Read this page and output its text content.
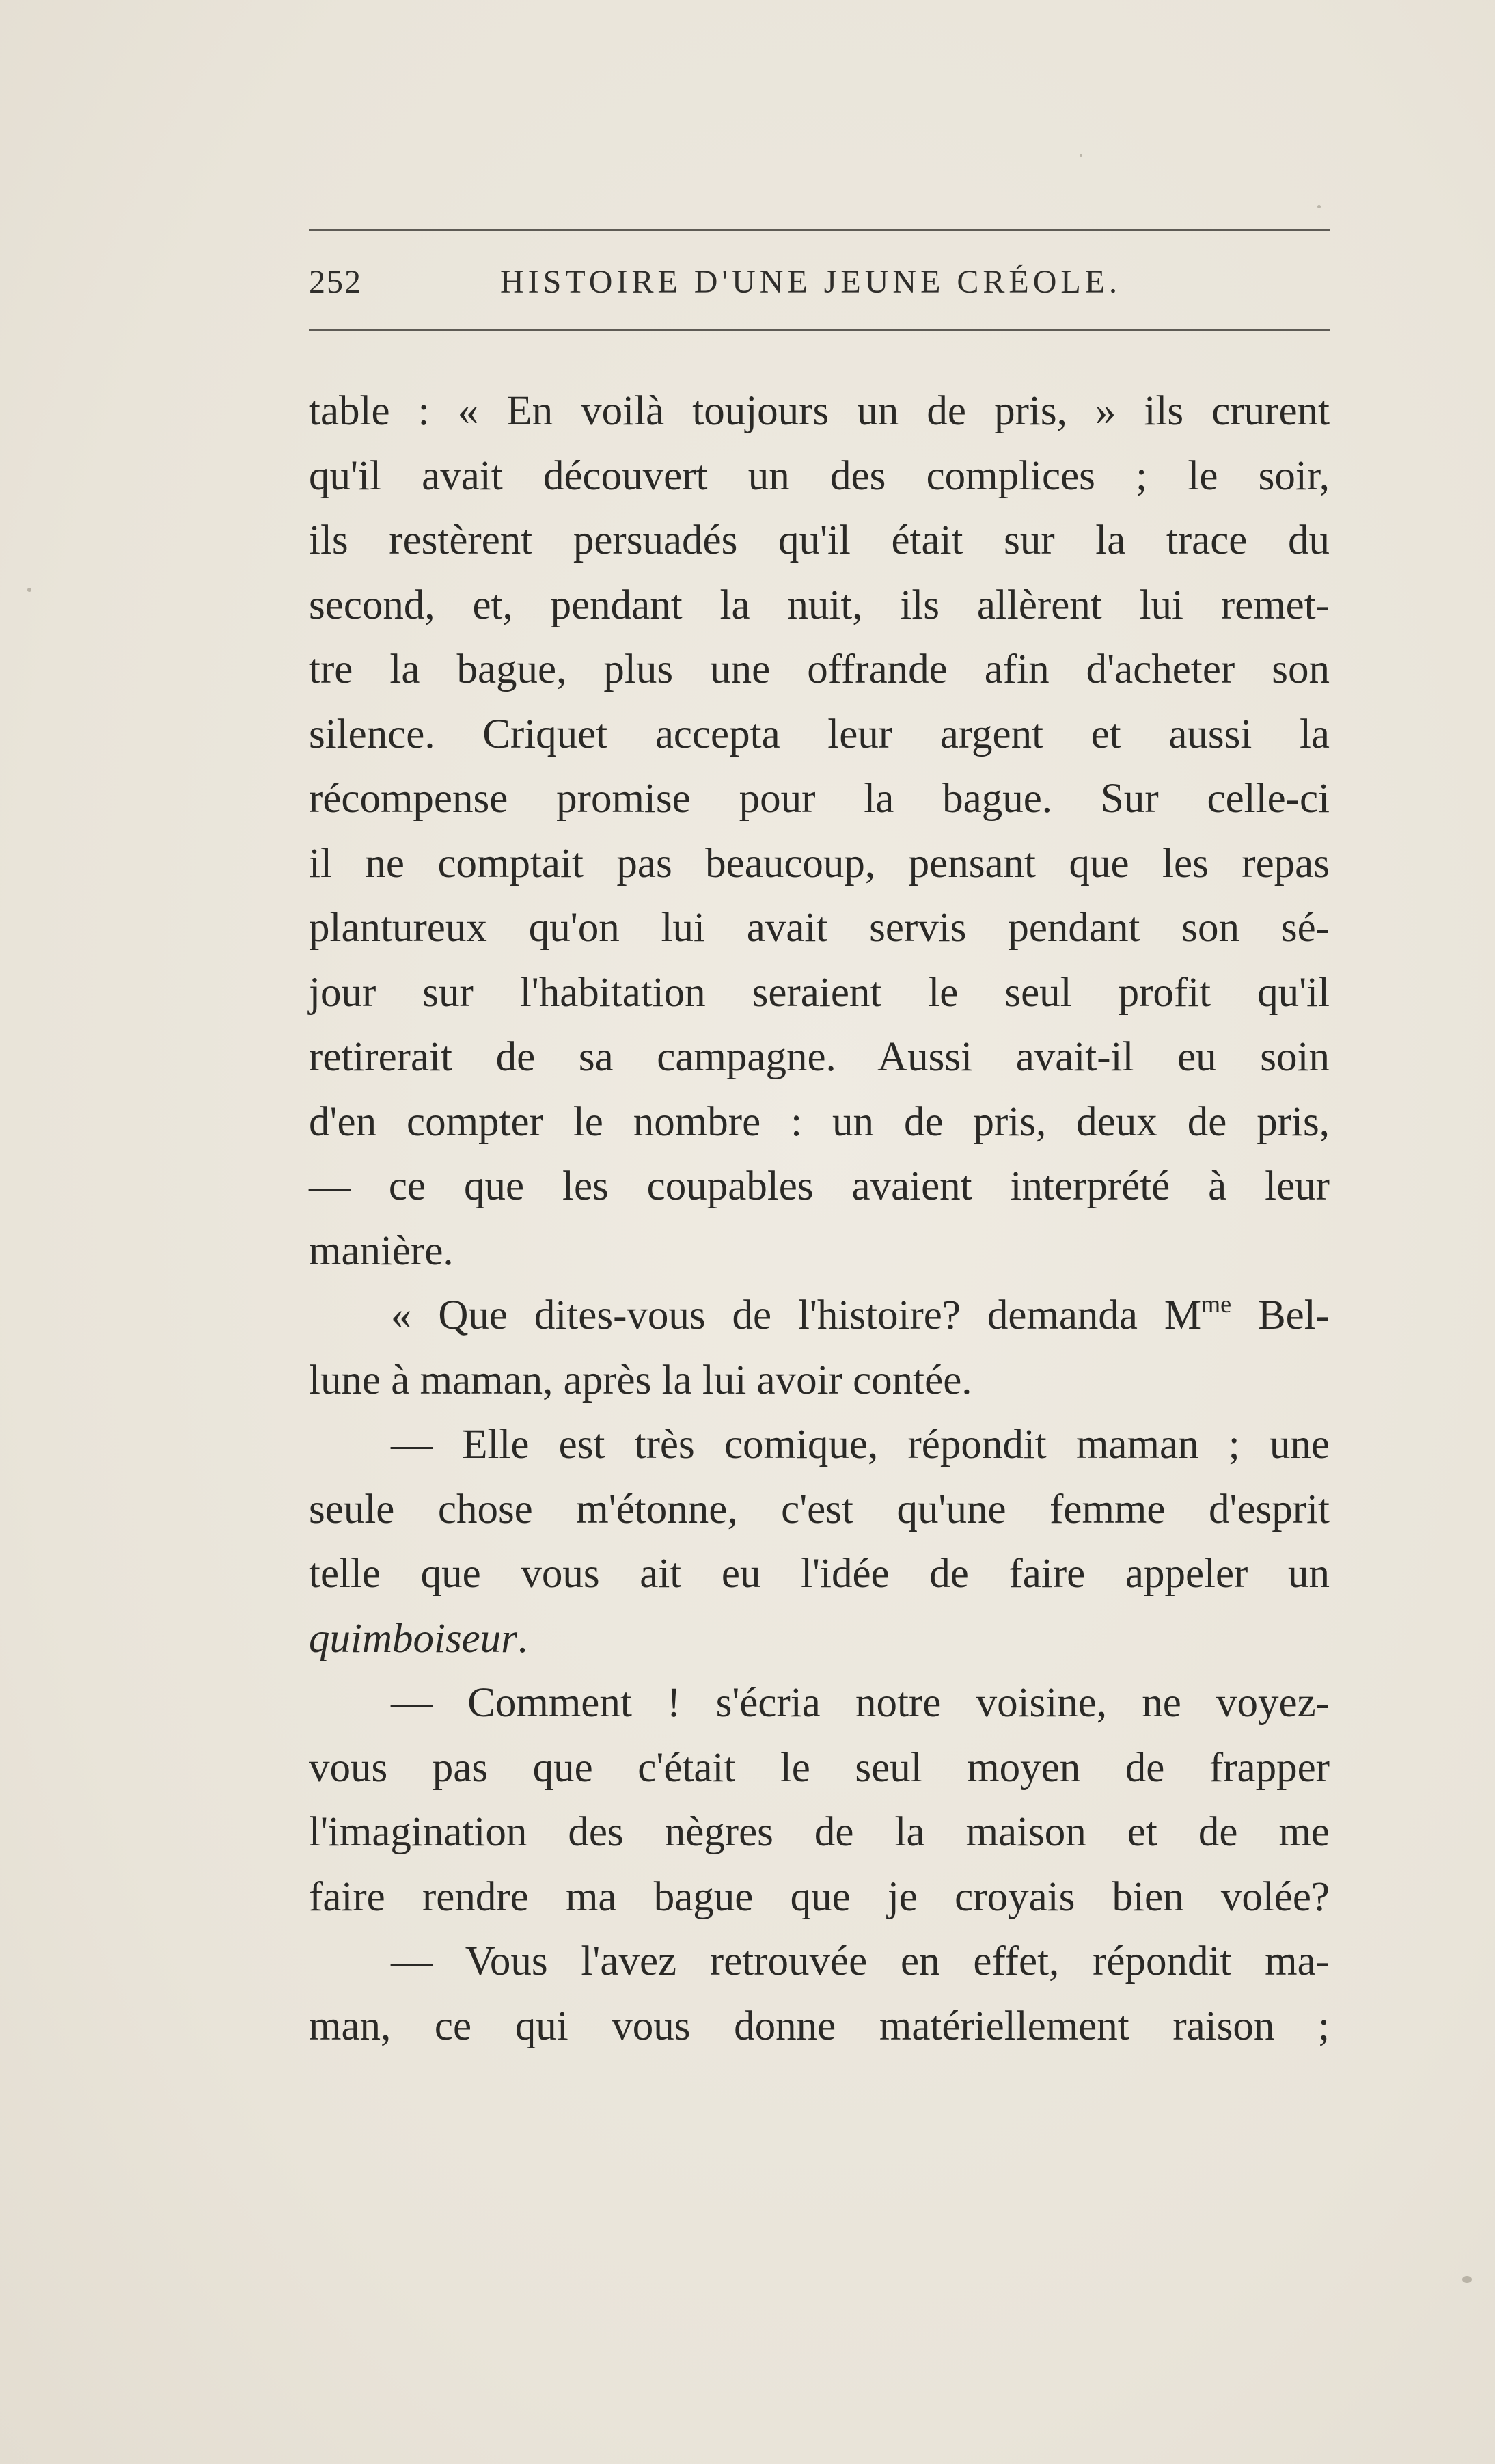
252	HISTOIRE D'UNE JEUNE CRÉOLE.
table : « En voilà toujours un de pris, » ils crurent
qu'il avait découvert un des complices ; le soir,
ils restèrent persuadés qu'il était sur la trace du
second, et, pendant la nuit, ils allèrent lui remet-
tre la bague, plus une offrande afin d'acheter son
silence. Criquet accepta leur argent et aussi la
récompense promise pour la bague. Sur celle-ci
il ne comptait pas beaucoup, pensant que les repas
plantureux qu'on lui avait servis pendant son sé-
jour sur l'habitation seraient le seul profit qu'il
retirerait de sa campagne. Aussi avait-il eu soin
d'en compter le nombre : un de pris, deux de pris,
— ce que les coupables avaient interprété à leur
manière.
« Que dites-vous de l'histoire? demanda $M^{me}$ Bel-
lune à maman, après la lui avoir contée.
— Elle est très comique, répondit maman ; une
seule chose m'étonne, c'est qu'une femme d'esprit
telle que vous ait eu l'idée de faire appeler un
quimboiseur.
— Comment ! s'écria notre voisine, ne voyez-
vous pas que c'était le seul moyen de frapper
l'imagination des nègres de la maison et de me
faire rendre ma bague que je croyais bien volée?
— Vous l'avez retrouvée en effet, répondit ma-
man, ce qui vous donne matériellement raison ;
